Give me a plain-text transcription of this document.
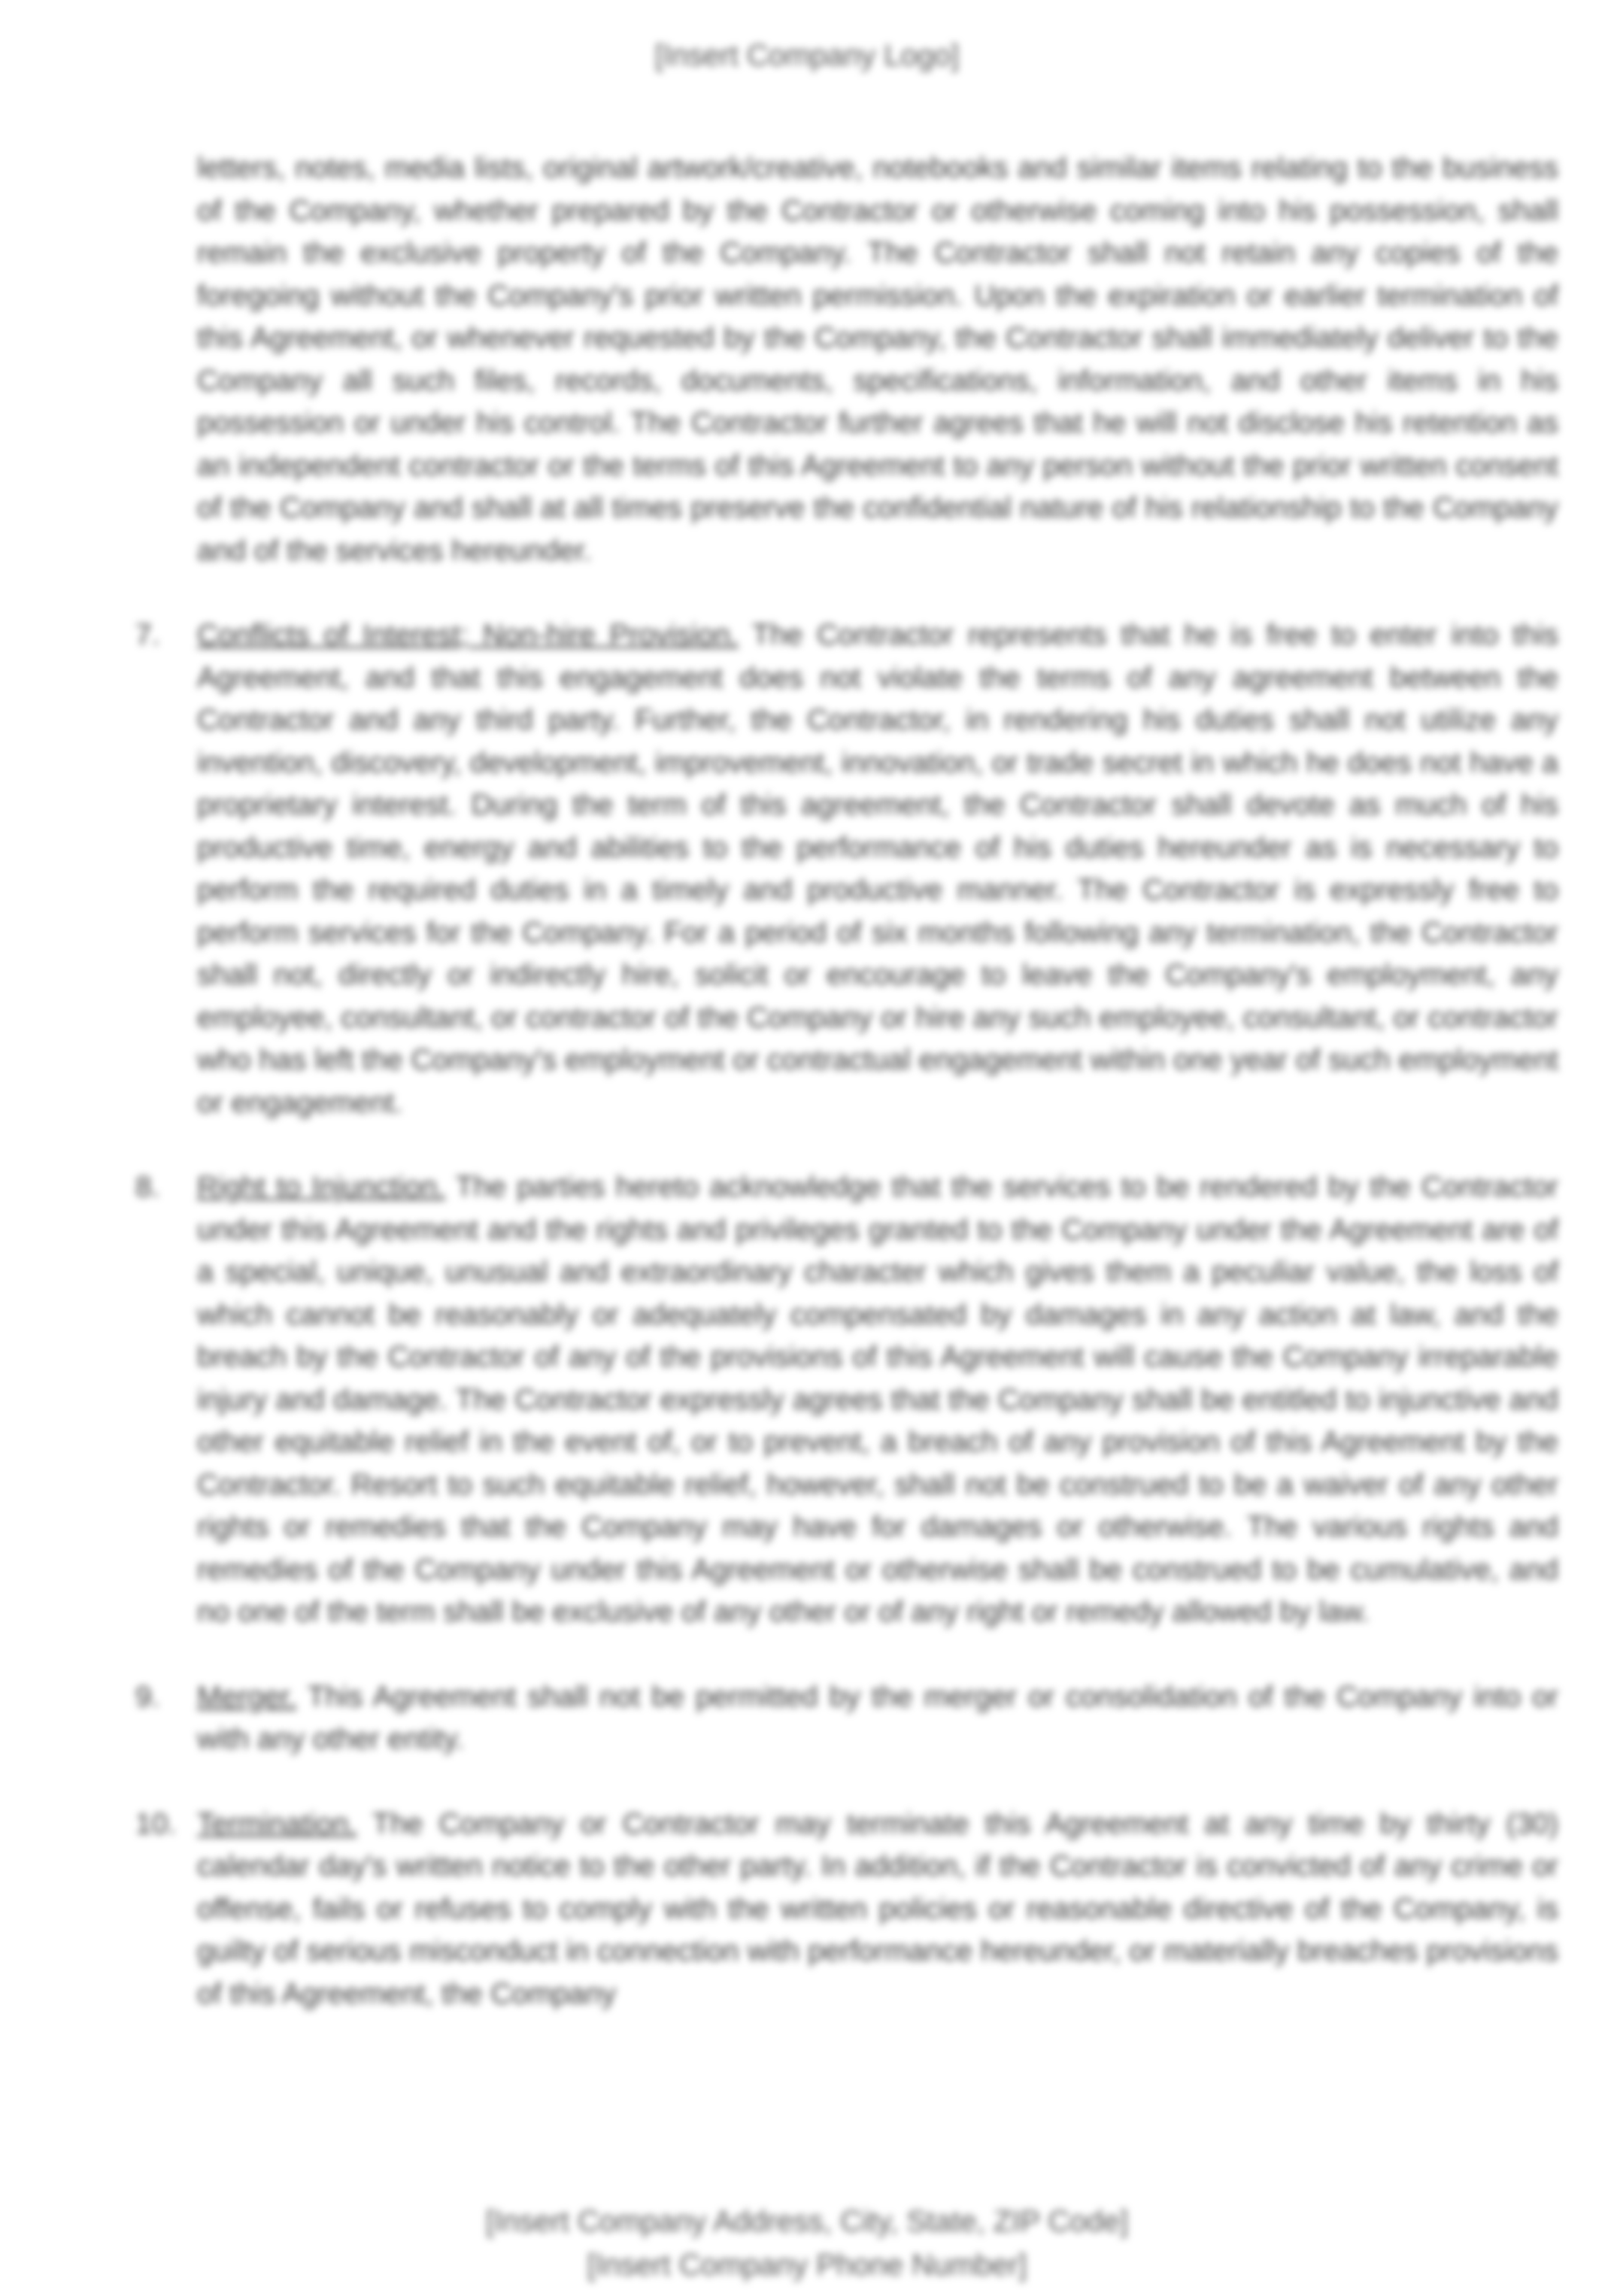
[Insert Company Logo]

letters, notes, media lists, original artwork/creative, notebooks and similar items relating to the business of the Company, whether prepared by the Contractor or otherwise coming into his possession, shall remain the exclusive property of the Company. The Contractor shall not retain any copies of the foregoing without the Company's prior written permission. Upon the expiration or earlier termination of this Agreement, or whenever requested by the Company, the Contractor shall immediately deliver to the Company all such files, records, documents, specifications, information, and other items in his possession or under his control. The Contractor further agrees that he will not disclose his retention as an independent contractor or the terms of this Agreement to any person without the prior written consent of the Company and shall at all times preserve the confidential nature of his relationship to the Company and of the services hereunder.

7. Conflicts of Interest; Non-hire Provision. The Contractor represents that he is free to enter into this Agreement, and that this engagement does not violate the terms of any agreement between the Contractor and any third party. Further, the Contractor, in rendering his duties shall not utilize any invention, discovery, development, improvement, innovation, or trade secret in which he does not have a proprietary interest. During the term of this agreement, the Contractor shall devote as much of his productive time, energy and abilities to the performance of his duties hereunder as is necessary to perform the required duties in a timely and productive manner. The Contractor is expressly free to perform services for the Company. For a period of six months following any termination, the Contractor shall not, directly or indirectly hire, solicit or encourage to leave the Company's employment, any employee, consultant, or contractor of the Company or hire any such employee, consultant, or contractor who has left the Company's employment or contractual engagement within one year of such employment or engagement.
8. Right to Injunction. The parties hereto acknowledge that the services to be rendered by the Contractor under this Agreement and the rights and privileges granted to the Company under the Agreement are of a special, unique, unusual and extraordinary character which gives them a peculiar value, the loss of which cannot be reasonably or adequately compensated by damages in any action at law, and the breach by the Contractor of any of the provisions of this Agreement will cause the Company irreparable injury and damage. The Contractor expressly agrees that the Company shall be entitled to injunctive and other equitable relief in the event of, or to prevent, a breach of any provision of this Agreement by the Contractor. Resort to such equitable relief, however, shall not be construed to be a waiver of any other rights or remedies that the Company may have for damages or otherwise. The various rights and remedies of the Company under this Agreement or otherwise shall be construed to be cumulative, and no one of the term shall be exclusive of any other or of any right or remedy allowed by law.
9. Merger. This Agreement shall not be permitted by the merger or consolidation of the Company into or with any other entity.
10. Termination. The Company or Contractor may terminate this Agreement at any time by thirty (30) calendar day's written notice to the other party. In addition, if the Contractor is convicted of any crime or offense, fails or refuses to comply with the written policies or reasonable directive of the Company, is guilty of serious misconduct in connection with performance hereunder, or materially breaches provisions of this Agreement, the Company
[Insert Company Address, City, State, ZIP Code]
[Insert Company Phone Number]
